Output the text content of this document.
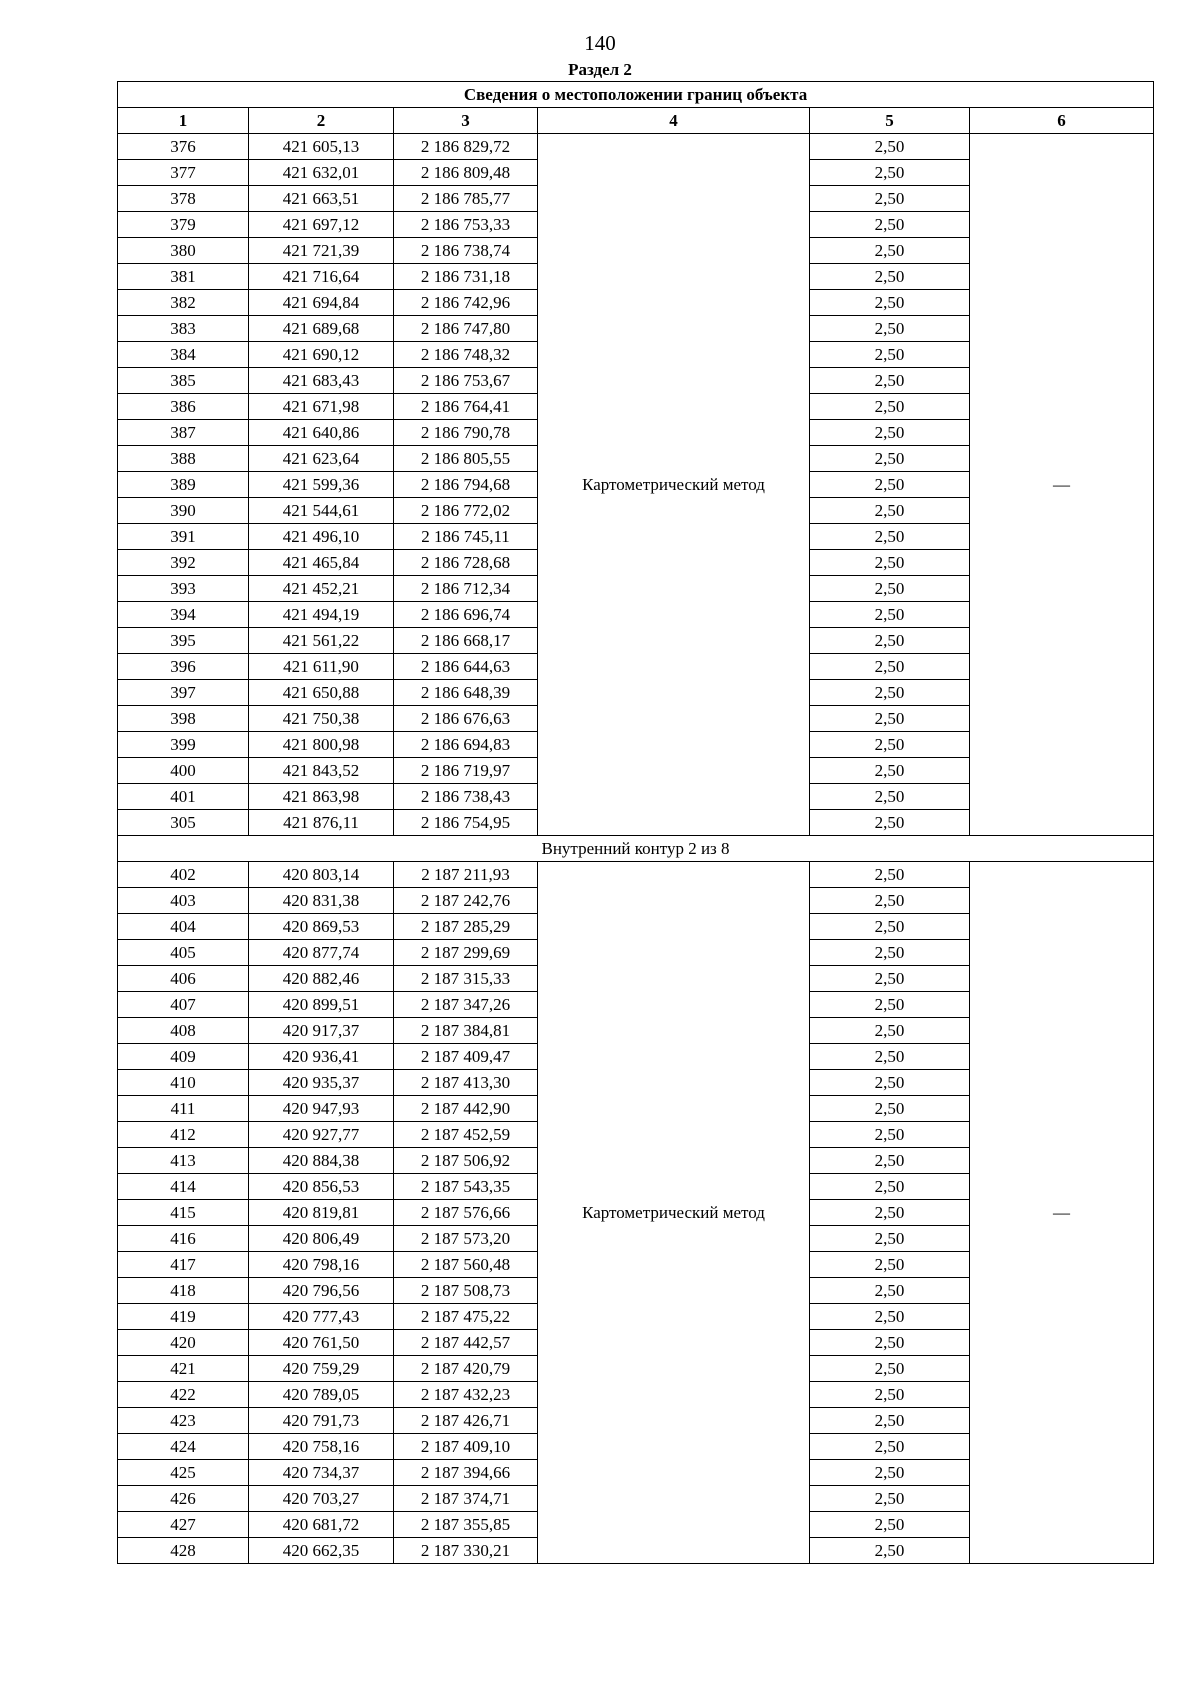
140
Раздел 2
Сведения о местоположении границ объекта					
1	2	3	4	5	6
376	421 605,13	2 186 829,72	Картометрический метод	2,50	—
377	421 632,01	2 186 809,48		2,50	
378	421 663,51	2 186 785,77		2,50	
379	421 697,12	2 186 753,33		2,50	
380	421 721,39	2 186 738,74		2,50	
381	421 716,64	2 186 731,18		2,50	
382	421 694,84	2 186 742,96		2,50	
383	421 689,68	2 186 747,80		2,50	
384	421 690,12	2 186 748,32		2,50	
385	421 683,43	2 186 753,67		2,50	
386	421 671,98	2 186 764,41		2,50	
387	421 640,86	2 186 790,78		2,50	
388	421 623,64	2 186 805,55		2,50	
389	421 599,36	2 186 794,68		2,50	
390	421 544,61	2 186 772,02		2,50	
391	421 496,10	2 186 745,11		2,50	
392	421 465,84	2 186 728,68		2,50	
393	421 452,21	2 186 712,34		2,50	
394	421 494,19	2 186 696,74		2,50	
395	421 561,22	2 186 668,17		2,50	
396	421 611,90	2 186 644,63		2,50	
397	421 650,88	2 186 648,39		2,50	
398	421 750,38	2 186 676,63		2,50	
399	421 800,98	2 186 694,83		2,50	
400	421 843,52	2 186 719,97		2,50	
401	421 863,98	2 186 738,43		2,50	
305	421 876,11	2 186 754,95		2,50	
Внутренний контур 2 из 8					
402	420 803,14	2 187 211,93	Картометрический метод	2,50	—
403	420 831,38	2 187 242,76		2,50	
404	420 869,53	2 187 285,29		2,50	
405	420 877,74	2 187 299,69		2,50	
406	420 882,46	2 187 315,33		2,50	
407	420 899,51	2 187 347,26		2,50	
408	420 917,37	2 187 384,81		2,50	
409	420 936,41	2 187 409,47		2,50	
410	420 935,37	2 187 413,30		2,50	
411	420 947,93	2 187 442,90		2,50	
412	420 927,77	2 187 452,59		2,50	
413	420 884,38	2 187 506,92		2,50	
414	420 856,53	2 187 543,35		2,50	
415	420 819,81	2 187 576,66		2,50	
416	420 806,49	2 187 573,20		2,50	
417	420 798,16	2 187 560,48		2,50	
418	420 796,56	2 187 508,73		2,50	
419	420 777,43	2 187 475,22		2,50	
420	420 761,50	2 187 442,57		2,50	
421	420 759,29	2 187 420,79		2,50	
422	420 789,05	2 187 432,23		2,50	
423	420 791,73	2 187 426,71		2,50	
424	420 758,16	2 187 409,10		2,50	
425	420 734,37	2 187 394,66		2,50	
426	420 703,27	2 187 374,71		2,50	
427	420 681,72	2 187 355,85		2,50	
428	420 662,35	2 187 330,21		2,50	
